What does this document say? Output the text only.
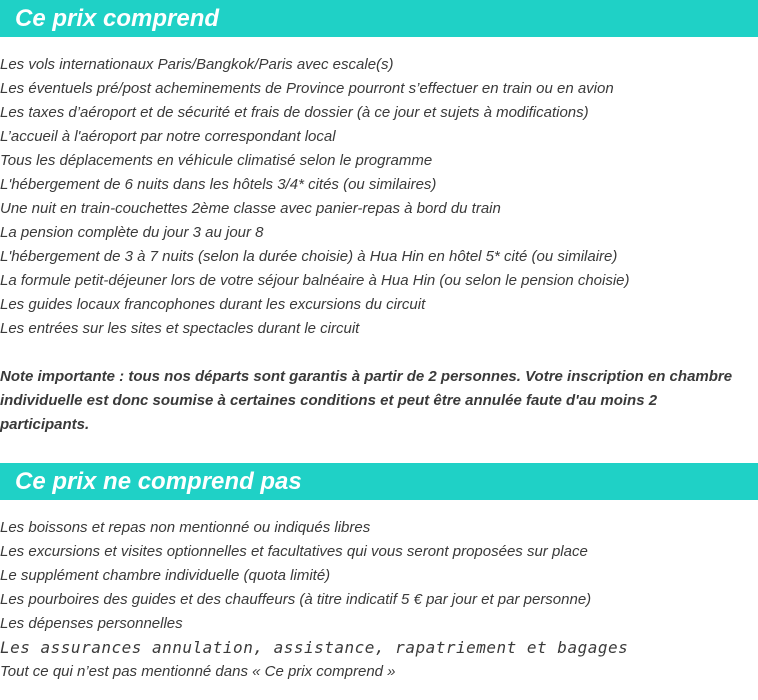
Ce prix comprend
Les vols internationaux Paris/Bangkok/Paris avec escale(s)
Les éventuels pré/post acheminements de Province pourront s’effectuer en train ou en avion
Les taxes d’aéroport et de sécurité et frais de dossier (à ce jour et sujets à modifications)
L’accueil à l'aéroport par notre correspondant local
Tous les déplacements en véhicule climatisé selon le programme
L'hébergement de 6 nuits dans les hôtels 3/4* cités (ou similaires)
Une nuit en train-couchettes 2ème classe avec panier-repas à bord du train
La pension complète du jour 3 au jour 8
L'hébergement de 3 à 7 nuits (selon la durée choisie) à Hua Hin en hôtel 5* cité (ou similaire)
La formule petit-déjeuner lors de votre séjour balnéaire à Hua Hin (ou selon le pension choisie)
Les guides locaux francophones durant les excursions du circuit
Les entrées sur les sites et spectacles durant le circuit
Note importante : tous nos départs sont garantis à partir de 2 personnes. Votre inscription en chambre individuelle est donc soumise à certaines conditions et peut être annulée faute d'au moins 2 participants.
Ce prix ne comprend pas
Les boissons et repas non mentionné ou indiqués libres
Les excursions et visites optionnelles et facultatives qui vous seront proposées sur place
Le supplément chambre individuelle (quota limité)
Les pourboires des guides et des chauffeurs (à titre indicatif 5 € par jour et par personne)
Les dépenses personnelles
Les assurances annulation, assistance, rapatriement et bagages
Tout ce qui n’est pas mentionné dans « Ce prix comprend »
